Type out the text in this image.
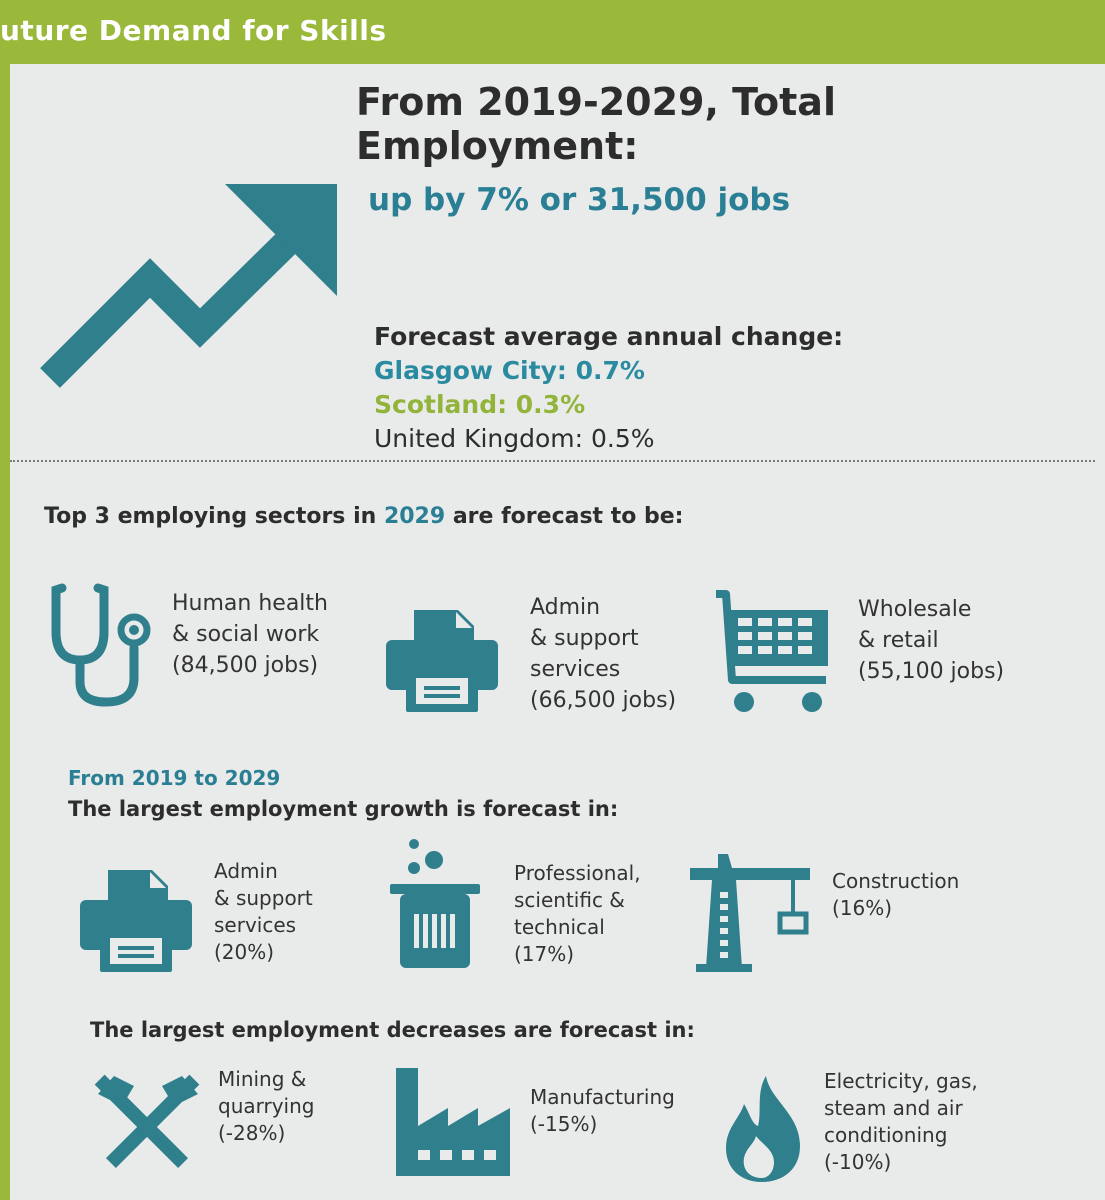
uture Demand for Skills
From 2019-2029, Total Employment:
up by 7% or 31,500 jobs
Forecast average annual change:
Glasgow City: 0.7%
Scotland: 0.3%
United Kingdom: 0.5%
Top 3 employing sectors in 2029 are forecast to be:
Human health
& social work
(84,500 jobs)
Admin
& support
services
(66,500 jobs)
Wholesale
& retail
(55,100 jobs)
From 2019 to 2029
The largest employment growth is forecast in:
Admin
& support
services
(20%)
Professional,
scientific &
technical
(17%)
Construction
(16%)
The largest employment decreases are forecast in:
Mining &
quarrying
(-28%)
Manufacturing
(-15%)
Electricity, gas,
steam and air
conditioning
(-10%)
